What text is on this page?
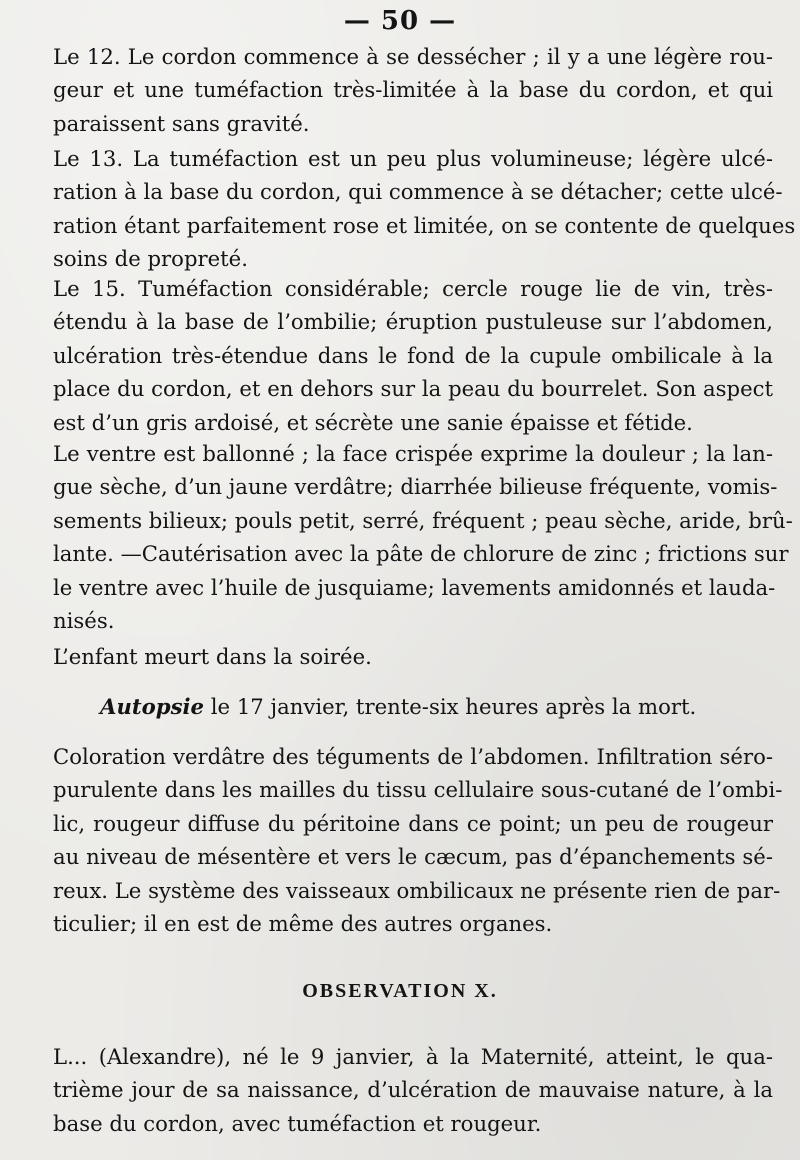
— 50 —
Le 12. Le cordon commence à se dessécher ; il y a une légère rou-
geur et une tuméfaction très-limitée à la base du cordon, et qui
paraissent sans gravité.
Le 13. La tuméfaction est un peu plus volumineuse; légère ulcé-
ration à la base du cordon, qui commence à se détacher; cette ulcé-
ration étant parfaitement rose et limitée, on se contente de quelques
soins de propreté.
Le 15. Tuméfaction considérable; cercle rouge lie de vin, très-
étendu à la base de l’ombilie; éruption pustuleuse sur l’abdomen,
ulcération très-étendue dans le fond de la cupule ombilicale à la
place du cordon, et en dehors sur la peau du bourrelet. Son aspect
est d’un gris ardoisé, et sécrète une sanie épaisse et fétide.
Le ventre est ballonné ; la face crispée exprime la douleur ; la lan-
gue sèche, d’un jaune verdâtre; diarrhée bilieuse fréquente, vomis-
sements bilieux; pouls petit, serré, fréquent ; peau sèche, aride, brû-
lante. —Cautérisation avec la pâte de chlorure de zinc ; frictions sur
le ventre avec l’huile de jusquiame; lavements amidonnés et lauda-
nisés.
L’enfant meurt dans la soirée.
Autopsie le 17 janvier, trente-six heures après la mort.
Coloration verdâtre des téguments de l’abdomen. Infiltration séro-
purulente dans les mailles du tissu cellulaire sous-cutané de l’ombi-
lic, rougeur diffuse du péritoine dans ce point; un peu de rougeur
au niveau de mésentère et vers le cæcum, pas d’épanchements sé-
reux. Le système des vaisseaux ombilicaux ne présente rien de par-
ticulier; il en est de même des autres organes.
OBSERVATION X.
L... (Alexandre), né le 9 janvier, à la Maternité, atteint, le qua-
trième jour de sa naissance, d’ulcération de mauvaise nature, à la
base du cordon, avec tuméfaction et rougeur.
